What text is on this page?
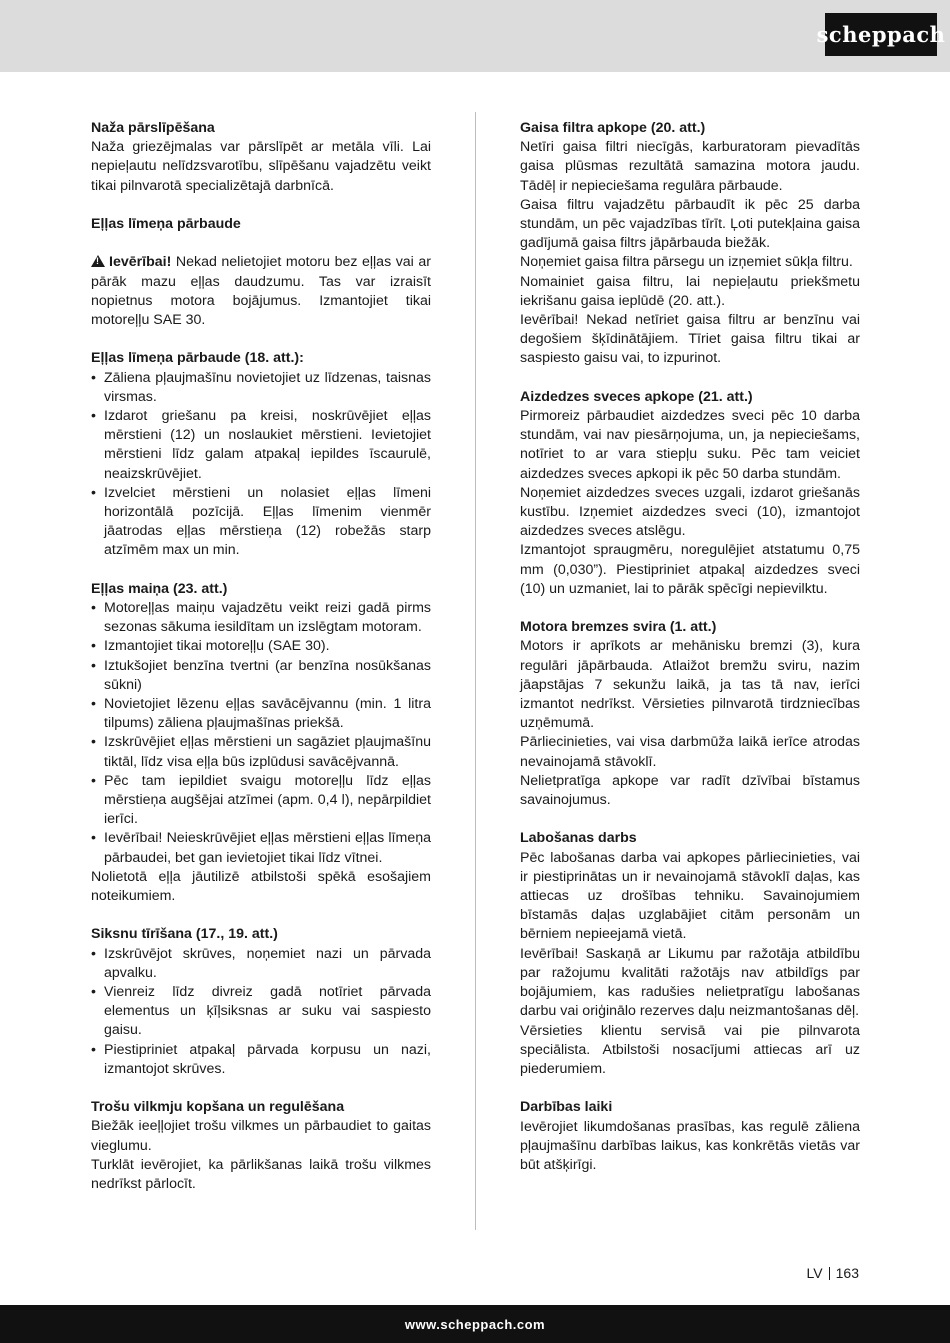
scheppach
Naža pārslīpēšana

Naža griezējmalas var pārslīpēt ar metāla vīli. Lai nepieļautu nelīdzsvarotību, slīpēšanu vajadzētu veikt tikai pilnvarotā specializētajā darbnīcā.

Eļļas līmeņa pārbaude

!Ievērībai! Nekad nelietojiet motoru bez eļļas vai ar pārāk mazu eļļas daudzumu. Tas var izraisīt nopietnus motora bojājumus. Izmantojiet tikai motoreļļu SAE 30.

Eļļas līmeņa pārbaude (18. att.):
• Zāliena pļaujmašīnu novietojiet uz līdzenas, taisnas virsmas.
• Izdarot griešanu pa kreisi, noskrūvējiet eļļas mērstieni (12) un noslaukiet mērstieni. Ievietojiet mērstieni līdz galam atpakaļ iepildes īscaurulē, neaizskrūvējiet.
• Izvelciet mērstieni un nolasiet eļļas līmeni horizontālā pozīcijā. Eļļas līmenim vienmēr jāatrodas eļļas mērstieņa (12) robežās starp atzīmēm max un min.
Eļļas maiņa (23. att.)
• Motoreļļas maiņu vajadzētu veikt reizi gadā pirms sezonas sākuma iesildītam un izslēgtam motoram.
• Izmantojiet tikai motoreļļu (SAE 30).
• Iztukšojiet benzīna tvertni (ar benzīna nosūkšanas sūkni)
• Novietojiet lēzenu eļļas savācējvannu (min. 1 litra tilpums) zāliena pļaujmašīnas priekšā.
• Izskrūvējiet eļļas mērstieni un sagāziet pļaujmašīnu tiktāl, līdz visa eļļa būs izplūdusi savācējvannā.
• Pēc tam iepildiet svaigu motoreļļu līdz eļļas mērstieņa augšējai atzīmei (apm. 0,4 l), nepārpildiet ierīci.
• Ievērībai! Neieskrūvējiet eļļas mērstieni eļļas līmeņa pārbaudei, bet gan ievietojiet tikai līdz vītnei.

Nolietotā eļļa jāutilizē atbilstoši spēkā esošajiem noteikumiem.

Siksnu tīrīšana (17., 19. att.)
• Izskrūvējot skrūves, noņemiet nazi un pārvada apvalku.
• Vienreiz līdz divreiz gadā notīriet pārvada elementus un ķīļsiksnas ar suku vai saspiesto gaisu.
• Piestipriniet atpakaļ pārvada korpusu un nazi, izmantojot skrūves.
Trošu vilkmju kopšana un regulēšana

Biežāk ieeļļojiet trošu vilkmes un pārbaudiet to gaitas vieglumu.

Turklāt ievērojiet, ka pārlikšanas laikā trošu vilkmes nedrīkst pārlocīt.

Gaisa filtra apkope (20. att.)

Netīri gaisa filtri niecīgās, karburatoram pievadītās gaisa plūsmas rezultātā samazina motora jaudu. Tādēļ ir nepieciešama regulāra pārbaude.

Gaisa filtru vajadzētu pārbaudīt ik pēc 25 darba stundām, un pēc vajadzības tīrīt. Ļoti putekļaina gaisa gadījumā gaisa filtrs jāpārbauda biežāk.

Noņemiet gaisa filtra pārsegu un izņemiet sūkļa filtru.

Nomainiet gaisa filtru, lai nepieļautu priekšmetu iekrišanu gaisa ieplūdē (20. att.).

Ievērībai! Nekad netīriet gaisa filtru ar benzīnu vai degošiem šķīdinātājiem. Tīriet gaisa filtru tikai ar saspiesto gaisu vai, to izpurinot.

Aizdedzes sveces apkope (21. att.)

Pirmoreiz pārbaudiet aizdedzes sveci pēc 10 darba stundām, vai nav piesārņojuma, un, ja nepieciešams, notīriet to ar vara stiepļu suku. Pēc tam veiciet aizdedzes sveces apkopi ik pēc 50 darba stundām.

Noņemiet aizdedzes sveces uzgali, izdarot griešanās kustību. Izņemiet aizdedzes sveci (10), izmantojot aizdedzes sveces atslēgu.

Izmantojot spraugmēru, noregulējiet atstatumu 0,75 mm (0,030”). Piestipriniet atpakaļ aizdedzes sveci (10) un uzmaniet, lai to pārāk spēcīgi nepievilktu.

Motora bremzes svira (1. att.)

Motors ir aprīkots ar mehānisku bremzi (3), kura regulāri jāpārbauda. Atlaižot bremžu sviru, nazim jāapstājas 7 sekunžu laikā, ja tas tā nav, ierīci izmantot nedrīkst. Vērsieties pilnvarotā tirdzniecības uzņēmumā.

Pārliecinieties, vai visa darbmūža laikā ierīce atrodas nevainojamā stāvoklī.

Nelietpratīga apkope var radīt dzīvībai bīstamus savainojumus.

Labošanas darbs

Pēc labošanas darba vai apkopes pārliecinieties, vai ir piestiprinātas un ir nevainojamā stāvoklī daļas, kas attiecas uz drošības tehniku. Savainojumiem bīstamās daļas uzglabājiet citām personām un bērniem nepieejamā vietā.

Ievērībai! Saskaņā ar Likumu par ražotāja atbildību par ražojumu kvalitāti ražotājs nav atbildīgs par bojājumiem, kas radušies nelietpratīgu labošanas darbu vai oriģinālo rezerves daļu neizmantošanas dēļ.

Vērsieties klientu servisā vai pie pilnvarota speciālista. Atbilstoši nosacījumi attiecas arī uz piederumiem.

Darbības laiki

Ievērojiet likumdošanas prasības, kas regulē zāliena pļaujmašīnu darbības laikus, kas konkrētās vietās var būt atšķirīgi.

LV 163
www.scheppach.com
